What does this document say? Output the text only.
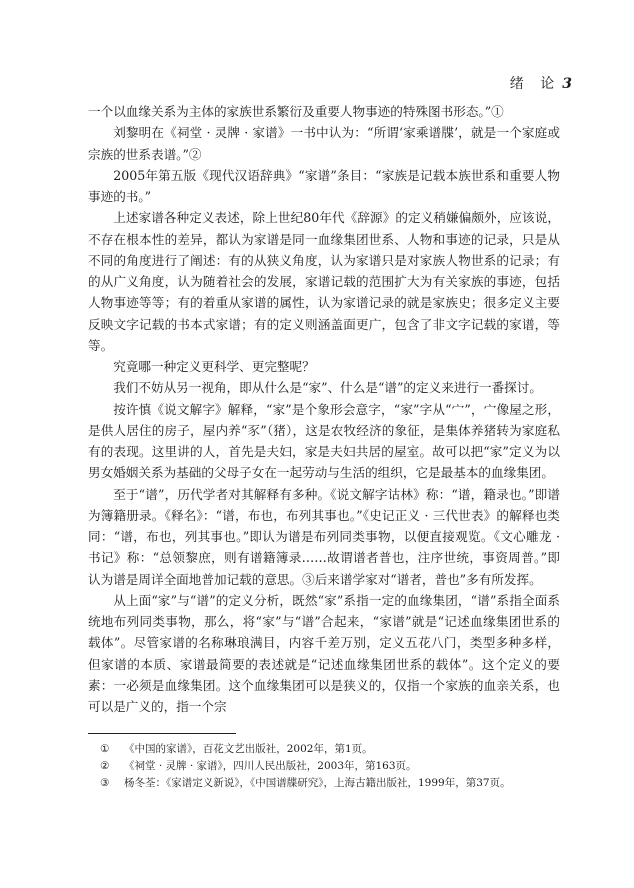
绪 论 3

一个以血缘关系为主体的家族世系繁衍及重要人物事迹的特殊图书形态。”①

刘黎明在《祠堂 · 灵牌 · 家谱》一书中认为：“所谓‘家乘谱牒’，就是一个家庭或宗族的世系表谱。”②

2005年第五版《现代汉语辞典》“家谱”条目：“家族是记载本族世系和重要人物事迹的书。”

上述家谱各种定义表述，除上世纪80年代《辞源》的定义稍嫌偏颇外，应该说，不存在根本性的差异，都认为家谱是同一血缘集团世系、人物和事迹的记录，只是从不同的角度进行了阐述：有的从狭义角度，认为家谱只是对家族人物世系的记录；有的从广义角度，认为随着社会的发展，家谱记载的范围扩大为有关家族的事迹，包括人物事迹等等；有的着重从家谱的属性，认为家谱记录的就是家族史；很多定义主要反映文字记载的书本式家谱；有的定义则涵盖面更广，包含了非文字记载的家谱，等等。

究竟哪一种定义更科学、更完整呢？

我们不妨从另一视角，即从什么是“家”、什么是“谱”的定义来进行一番探讨。

按许慎《说文解字》解释，“家”是个象形会意字，“家”字从“宀”，宀像屋之形，是供人居住的房子，屋内养“豕”（猪），这是农牧经济的象征，是集体养猪转为家庭私有的表现。这里讲的人，首先是夫妇，家是夫妇共居的屋室。故可以把“家”定义为以男女婚姻关系为基础的父母子女在一起劳动与生活的组织，它是最基本的血缘集团。

至于“谱”，历代学者对其解释有多种。《说文解字诂林》称：“谱，籍录也。”即谱为簿籍册录。《释名》：“谱，布也，布列其事也。”《史记正义 · 三代世表》的解释也类同：“谱，布也，列其事也。”即认为谱是布列同类事物，以便直接观览。《文心雕龙 · 书记》称：“总领黎庶，则有谱籍簿录……故谓谱者普也，注序世统，事资周普。”即认为谱是周详全面地普加记载的意思。③后来谱学家对“谱者，普也”多有所发挥。

从上面“家”与“谱”的定义分析，既然“家”系指一定的血缘集团，“谱”系指全面系统地布列同类事物，那么，将“家”与“谱”合起来，“家谱”就是“记述血缘集团世系的载体”。尽管家谱的名称琳琅满目，内容千差万别，定义五花八门，类型多种多样，但家谱的本质、家谱最简要的表述就是“记述血缘集团世系的载体”。这个定义的要素：一必须是血缘集团。这个血缘集团可以是狭义的，仅指一个家族的血亲关系，也可以是广义的，指一个宗

① 《中国的家谱》，百花文艺出版社，2002年，第1页。
② 《祠堂 · 灵牌 · 家谱》，四川人民出版社，2003年，第163页。
③ 杨冬荃：《家谱定义新说》，《中国谱牒研究》，上海古籍出版社，1999年，第37页。
